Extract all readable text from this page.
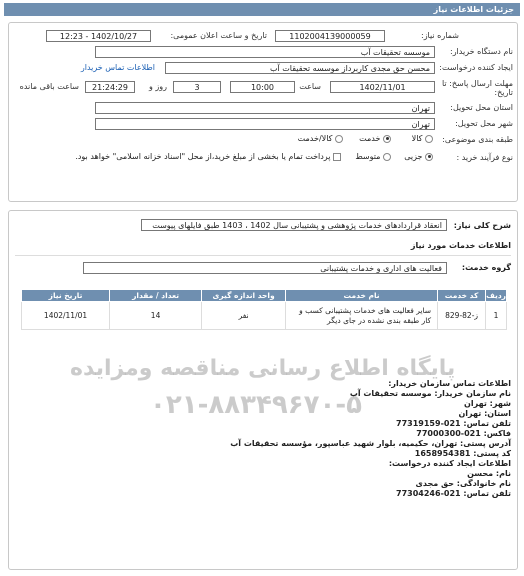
جزئیات اطلاعات نیاز
شماره نیاز:
1102004139000059
تاریخ و ساعت اعلان عمومی:
1402/10/27 - 12:23
نام دستگاه خریدار:
موسسه تحقیقات آب
ایجاد کننده درخواست:
محسن حق مجدی کاربرداز موسسه تحقیقات آب
اطلاعات تماس خریدار
مهلت ارسال پاسخ: تا تاریخ:
1402/11/01
ساعت
10:00
3
روز و
21:24:29
ساعت باقی مانده
استان محل تحویل:
تهران
شهر محل تحویل:
تهران
طبقه بندی موضوعی:
کالا
خدمت
کالا/خدمت
نوع فرآیند خرید :
جزیی
متوسط
پرداخت تمام یا بخشی از مبلغ خرید،از محل "اسناد خزانه اسلامی" خواهد بود.
شرح کلی نیاز:
انعقاد قراردادهای خدمات پژوهشی و پشتیبانی سال 1402 ، 1403 طبق فایلهای پیوست
اطلاعات خدمات مورد نیاز
گروه خدمت:
فعالیت های اداری و خدمات پشتیبانی
ردیف	کد خدمت	نام خدمت	واحد اندازه گیری	تعداد / مقدار	تاریخ نیاز
1	ز-82-829	سایر فعالیت های خدمات پشتیبانی کسب و کار طبقه بندی نشده در جای دیگر	نفر	14	1402/11/01
اطلاعات تماس سازمان خریدار:
نام سازمان خریدار: موسسه تحقیقات آب
شهر: تهران
استان: تهران
تلفن تماس: 021-77319159
فاکس: 021-77000300
آدرس پستی: تهران، حکیمیه، بلوار شهید عباسپور، مؤسسه تحقیقات آب
کد پستی: 1658954381
اطلاعات ایجاد کننده درخواست:
نام: محسن
نام خانوادگی: حق مجدی
تلفن تماس: 021-77304246
پایگاه اطلاع رسانی مناقصه ومزایده
۰۲۱-۸۸۳۴۹۶۷۰-۵
